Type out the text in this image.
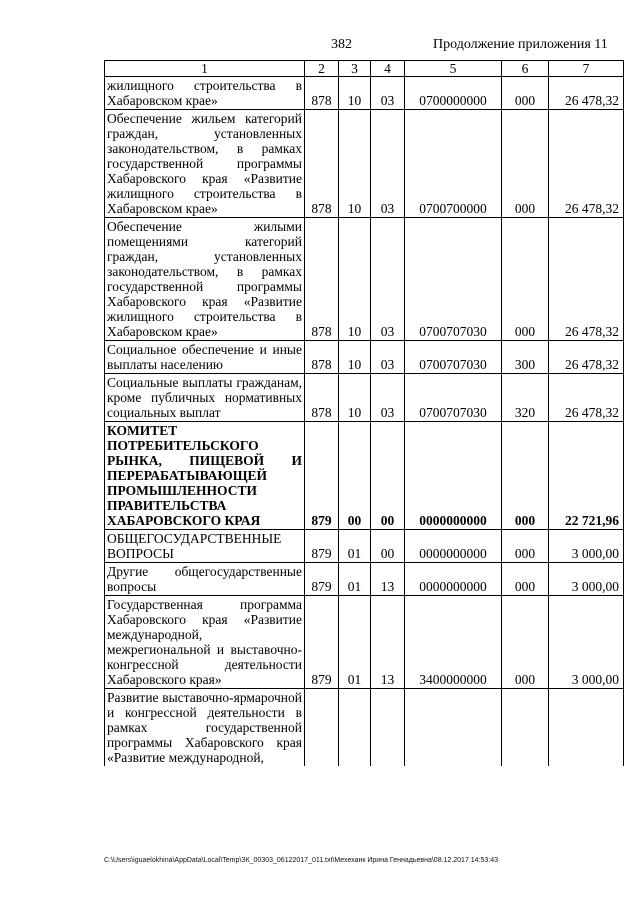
382	Продолжение приложения 11
1	2	3	4	5	6	7
жилищного строительства в Хабаровском крае»	878	10	03	0700000000	000	26 478,32
Обеспечение жильем категорий граждан, установленных законодательством, в рамках государственной программы Хабаровского края «Развитие жилищного строительства в Хабаровском крае»	878	10	03	0700700000	000	26 478,32
Обеспечение жилыми помещениями категорий граждан, установленных законодательством, в рамках государственной программы Хабаровского края «Развитие жилищного строительства в Хабаровском крае»	878	10	03	0700707030	000	26 478,32
Социальное обеспечение и иные выплаты населению	878	10	03	0700707030	300	26 478,32
Социальные выплаты гражданам, кроме публичных нормативных социальных выплат	878	10	03	0700707030	320	26 478,32
КОМИТЕТ ПОТРЕБИТЕЛЬСКОГО РЫНКА, ПИЩЕВОЙ И ПЕРЕРАБАТЫВАЮЩЕЙ ПРОМЫШЛЕННОСТИ ПРАВИТЕЛЬСТВА ХАБАРОВСКОГО КРАЯ	879	00	00	0000000000	000	22 721,96
ОБЩЕГОСУДАРСТВЕННЫЕ ВОПРОСЫ	879	01	00	0000000000	000	3 000,00
Другие общегосударственные вопросы	879	01	13	0000000000	000	3 000,00
Государственная программа Хабаровского края «Развитие международной, межрегиональной и выставочно-конгрессной деятельности Хабаровского края»	879	01	13	3400000000	000	3 000,00
Развитие выставочно-ярмарочной и конгрессной деятельности в рамках государственной программы Хабаровского края «Развитие международной,						
C:\Users\iguaelokhina\AppData\Local\Temp\ЗК_00303_06122017_011.txt\Мехеханк Ирина Геннадьевна\08.12.2017 14:53:43
